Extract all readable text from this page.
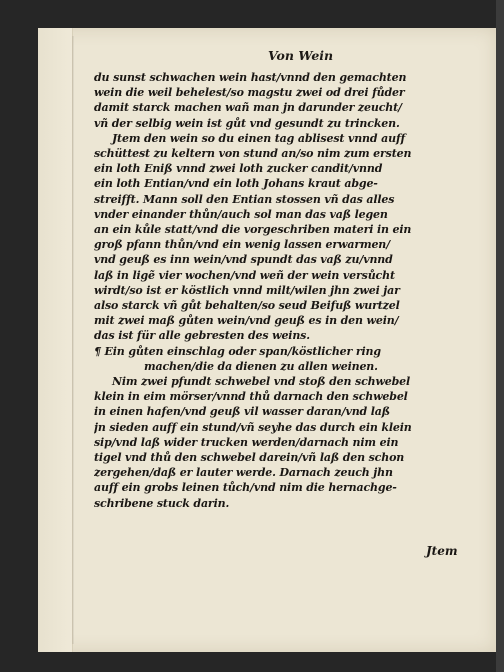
Von Wein
du sunst schwachen wein hast/vnnd den gemachten
wein die weil behelest/so magstu zwei od drei fůder
damit starck machen wañ man jn darunder zeucht/
vñ der selbig wein ist gůt vnd gesundt zu trincken.
Jtem den wein so du einen tag ablisest vnnd auff
schüttest zu keltern von stund an/so nim zum ersten
ein loth Eniß vnnd zwei loth zucker candit/vnnd
ein loth Entian/vnd ein loth Johans kraut abge-
streifft. Mann soll den Entian stossen vñ das alles
vnder einander thůn/auch sol man das vaß legen
an ein kůle statt/vnd die vorgeschriben materi in ein
groß pfann thůn/vnd ein wenig lassen erwarmen/
vnd geuß es inn wein/vnd spundt das vaß zu/vnnd
laß in ligẽ vier wochen/vnd weñ der wein versůcht
wirdt/so ist er köstlich vnnd milt/wilen jhn zwei jar
also starck vñ gůt behalten/so seud Beifuß wurtzel
mit zwei maß gůten wein/vnd geuß es in den wein/
das ist für alle gebresten des weins.
¶ Ein gůten einschlag oder span/köstlicher ring
machen/die da dienen zu allen weinen.
Nim zwei pfundt schwebel vnd stoß den schwebel
klein in eim mörser/vnnd thů darnach den schwebel
in einen hafen/vnd geuß vil wasser daran/vnd laß
jn sieden auff ein stund/vñ seyhe das durch ein klein
sip/vnd laß wider trucken werden/darnach nim ein
tigel vnd thů den schwebel darein/vñ laß den schon
zergehen/daß er lauter werde. Darnach zeuch jhn
auff ein grobs leinen tůch/vnd nim die hernachge-
schribene stuck darin.
Jtem
